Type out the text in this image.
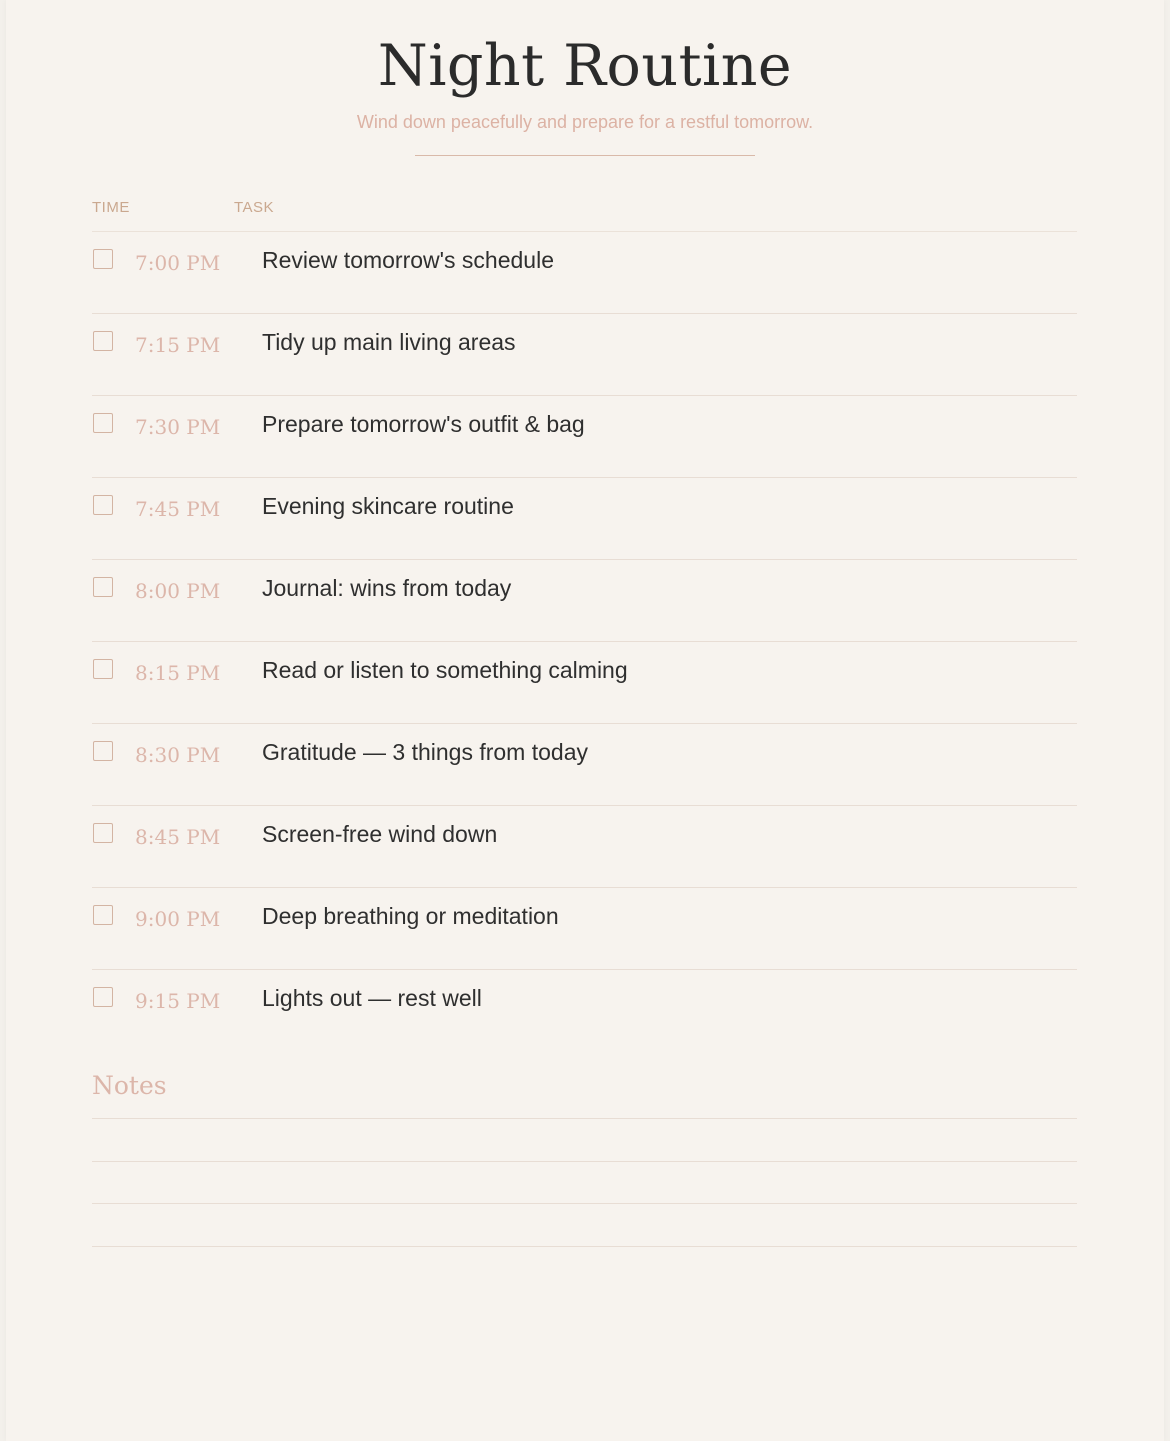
Night Routine
Wind down peacefully and prepare for a restful tomorrow.
TIME	TASK
7:00 PM Review tomorrow's schedule
7:15 PM Tidy up main living areas
7:30 PM Prepare tomorrow's outfit & bag
7:45 PM Evening skincare routine
8:00 PM Journal: wins from today
8:15 PM Read or listen to something calming
8:30 PM Gratitude — 3 things from today
8:45 PM Screen-free wind down
9:00 PM Deep breathing or meditation
9:15 PM Lights out — rest well
Notes
